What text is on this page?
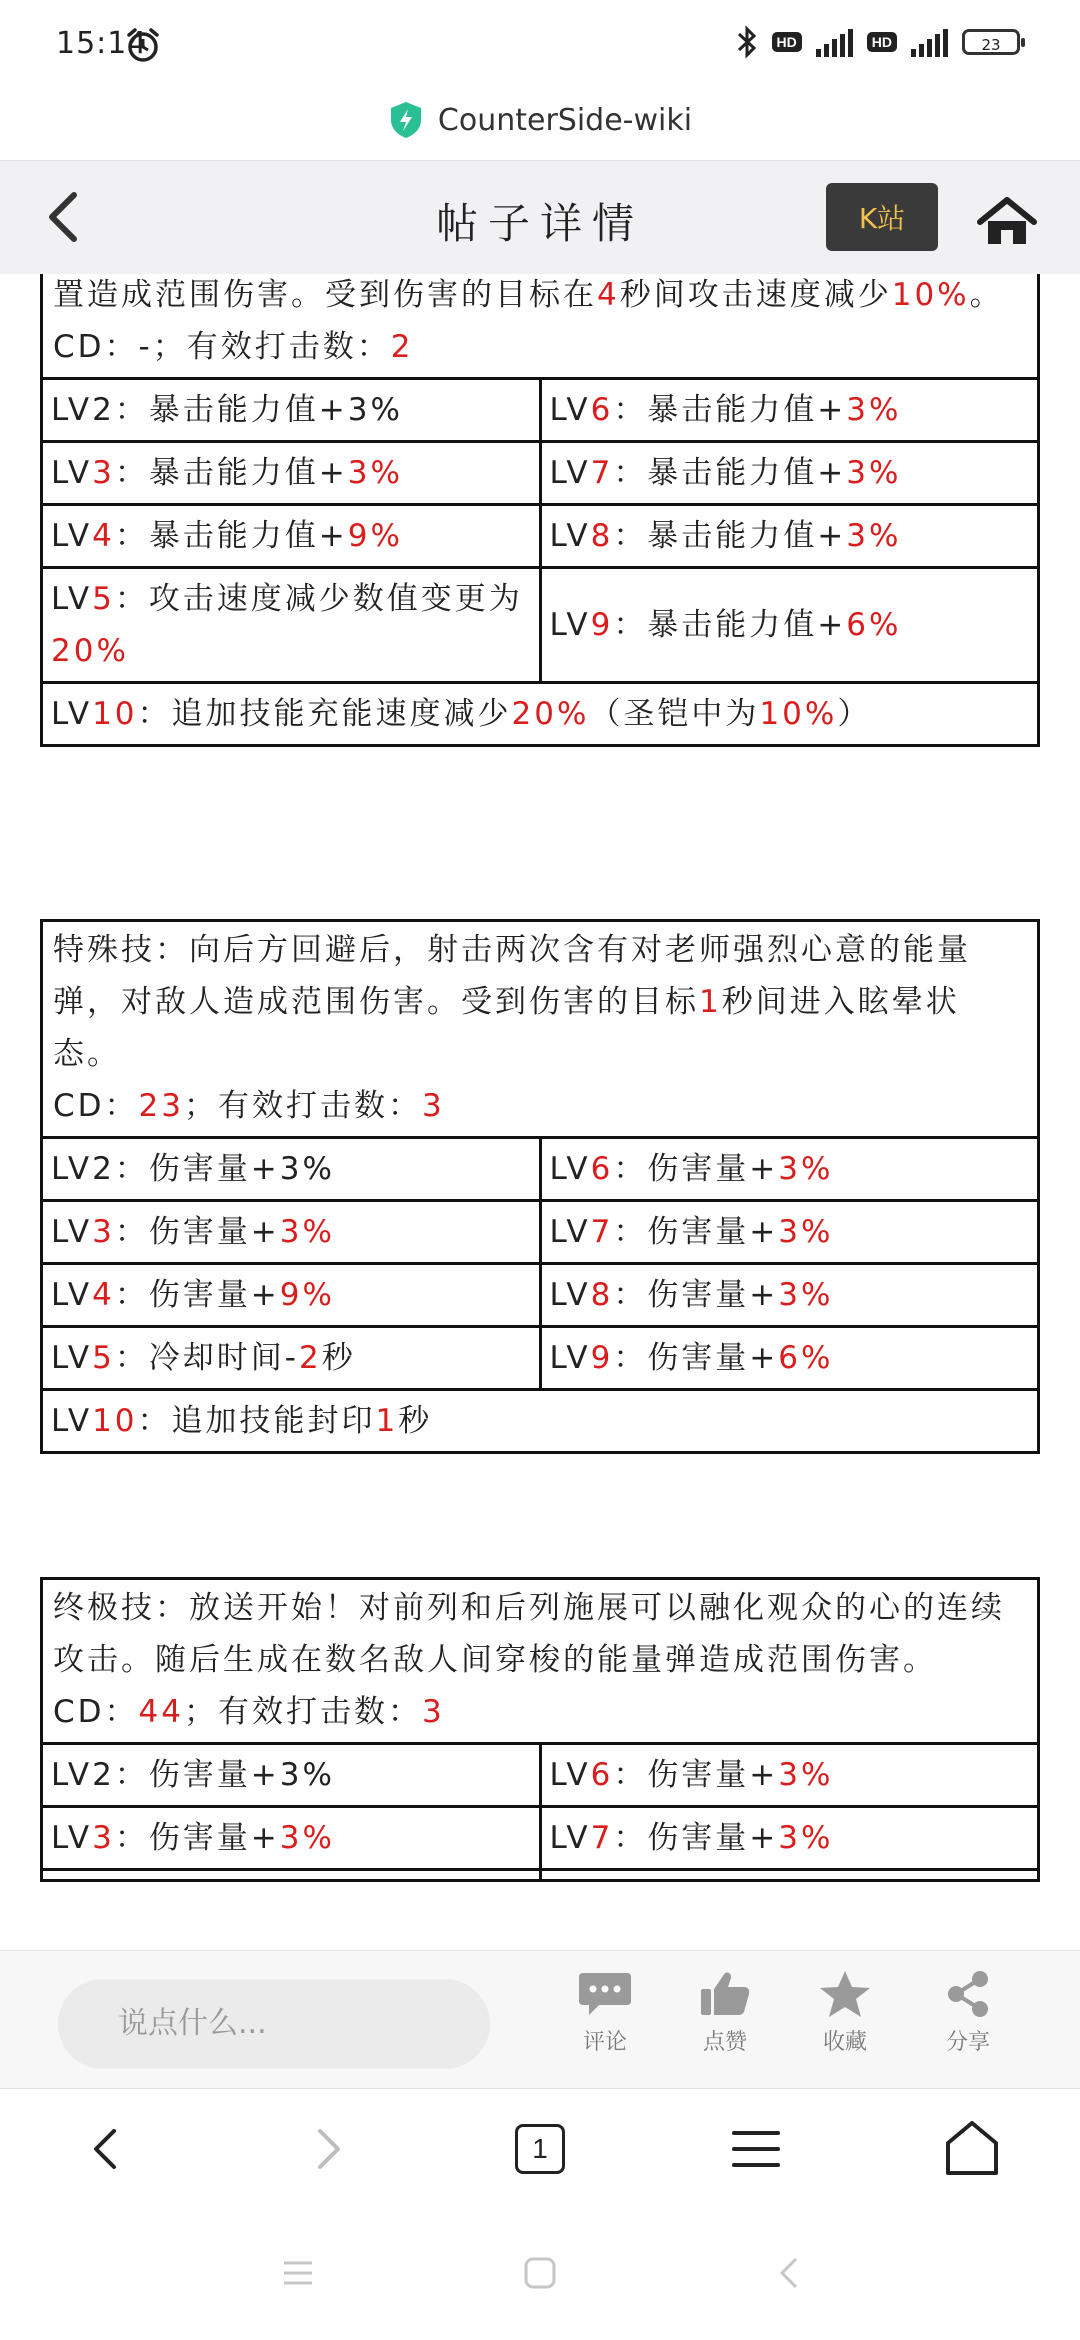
15:14	HD	HD	23
CounterSide-wiki
帖子详情	K站
置造成范围伤害。受到伤害的目标在4秒间攻击速度减少10%。
CD：-；有效打击数：2	

LV2：暴击能力值+3%	LV6：暴击能力值+3%
LV3：暴击能力值+3%	LV7：暴击能力值+3%
LV4：暴击能力值+9%	LV8：暴击能力值+3%
LV5：攻击速度减少数值变更为20%	LV9：暴击能力值+6%
LV10：追加技能充能速度减少20%（圣铠中为10%）	
特殊技：向后方回避后，射击两次含有对老师强烈心意的能量弹，对敌人造成范围伤害。受到伤害的目标1秒间进入眩晕状态。
CD：23；有效打击数：3	

LV2：伤害量+3%	LV6：伤害量+3%
LV3：伤害量+3%	LV7：伤害量+3%
LV4：伤害量+9%	LV8：伤害量+3%
LV5：冷却时间-2秒	LV9：伤害量+6%
LV10：追加技能封印1秒	
终极技：放送开始！对前列和后列施展可以融化观众的心的连续攻击。随后生成在数名敌人间穿梭的能量弹造成范围伤害。
CD：44；有效打击数：3	

LV2：伤害量+3%	LV6：伤害量+3%
LV3：伤害量+3%	LV7：伤害量+3%

说点什么...
评论	点赞	收藏	分享
1
